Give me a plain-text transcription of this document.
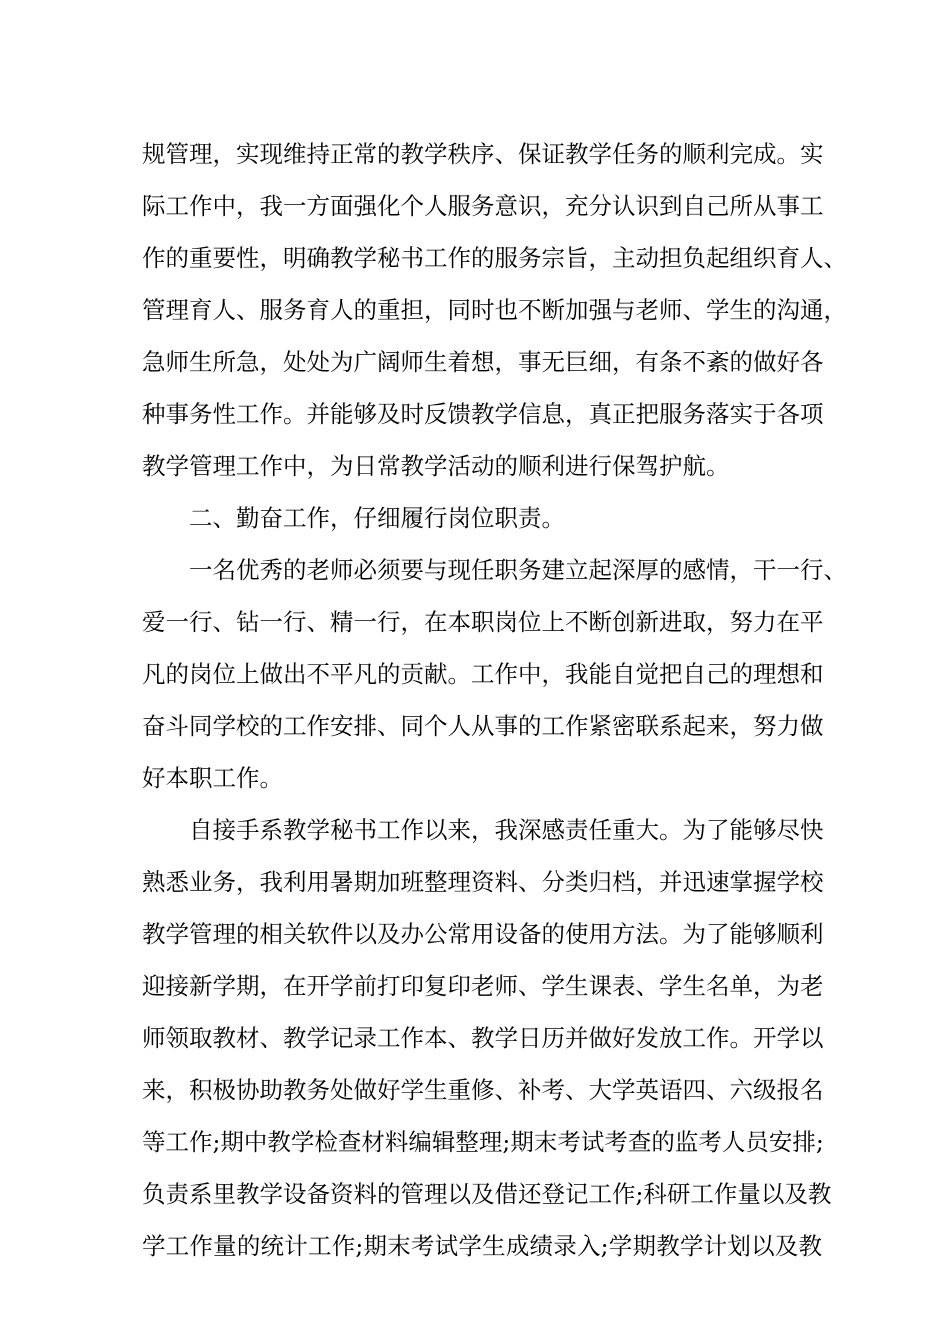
规管理，实现维持正常的教学秩序、保证教学任务的顺利完成。实
际工作中，我一方面强化个人服务意识，充分认识到自己所从事工
作的重要性，明确教学秘书工作的服务宗旨，主动担负起组织育人、
管理育人、服务育人的重担，同时也不断加强与老师、学生的沟通，
急师生所急，处处为广阔师生着想，事无巨细，有条不紊的做好各
种事务性工作。并能够及时反馈教学信息，真正把服务落实于各项
教学管理工作中，为日常教学活动的顺利进行保驾护航。
二、勤奋工作，仔细履行岗位职责。
一名优秀的老师必须要与现任职务建立起深厚的感情，干一行、
爱一行、钻一行、精一行，在本职岗位上不断创新进取，努力在平
凡的岗位上做出不平凡的贡献。工作中，我能自觉把自己的理想和
奋斗同学校的工作安排、同个人从事的工作紧密联系起来，努力做
好本职工作。
自接手系教学秘书工作以来，我深感责任重大。为了能够尽快
熟悉业务，我利用暑期加班整理资料、分类归档，并迅速掌握学校
教学管理的相关软件以及办公常用设备的使用方法。为了能够顺利
迎接新学期，在开学前打印复印老师、学生课表、学生名单，为老
师领取教材、教学记录工作本、教学日历并做好发放工作。开学以
来，积极协助教务处做好学生重修、补考、大学英语四、六级报名
等工作;期中教学检查材料编辑整理;期末考试考查的监考人员安排;
负责系里教学设备资料的管理以及借还登记工作;科研工作量以及教
学工作量的统计工作;期末考试学生成绩录入;学期教学计划以及教
